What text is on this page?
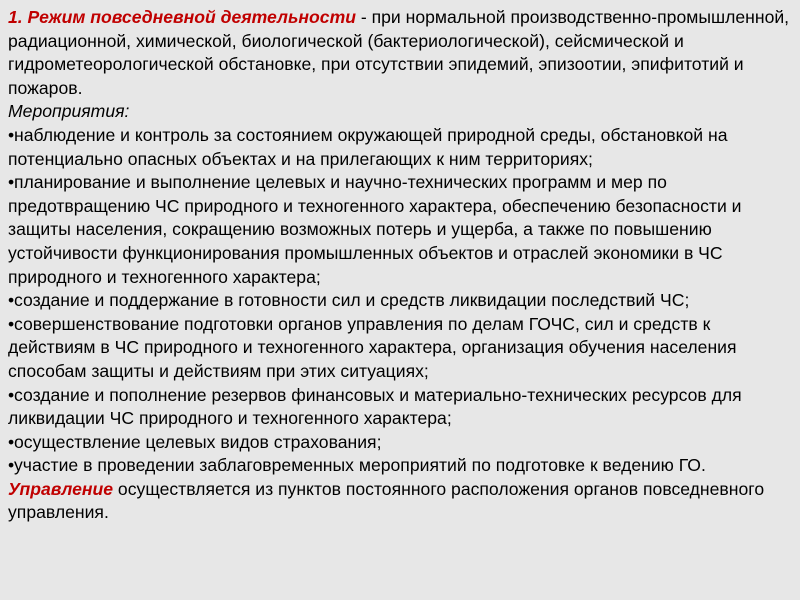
1. Режим повседневной деятельности - при нормальной производственно-промышленной, радиационной, химической, биологической (бактериологической), сейсмической и гидрометеорологической обстановке, при отсутствии эпидемий, эпизоотии, эпифитотий и пожаров.

Мероприятия:

•наблюдение и контроль за состоянием окружающей природной среды, обстановкой на потенциально опасных объектах и на прилегающих к ним территориях;
•планирование и выполнение целевых и научно-технических программ и мер по предотвращению ЧС природного и техногенного характера, обеспечению безопасности и защиты населения, сокращению возможных потерь и ущерба, а также по повышению устойчивости функционирования промышленных объектов и отраслей экономики в ЧС природного и техногенного характера;
•создание и поддержание в готовности сил и средств ликвидации последствий ЧС;
•совершенствование подготовки органов управления по делам ГОЧС, сил и средств к действиям в ЧС природного и техногенного характера, организация обучения населения способам защиты и действиям при этих ситуациях;
•создание и пополнение резервов финансовых и материально-технических ресурсов для ликвидации ЧС природного и техногенного характера;
•осуществление целевых видов страхования;
•участие в проведении заблаговременных мероприятий по подготовке к ведению ГО.

Управление осуществляется из пунктов постоянного расположения органов повседневного управления.
